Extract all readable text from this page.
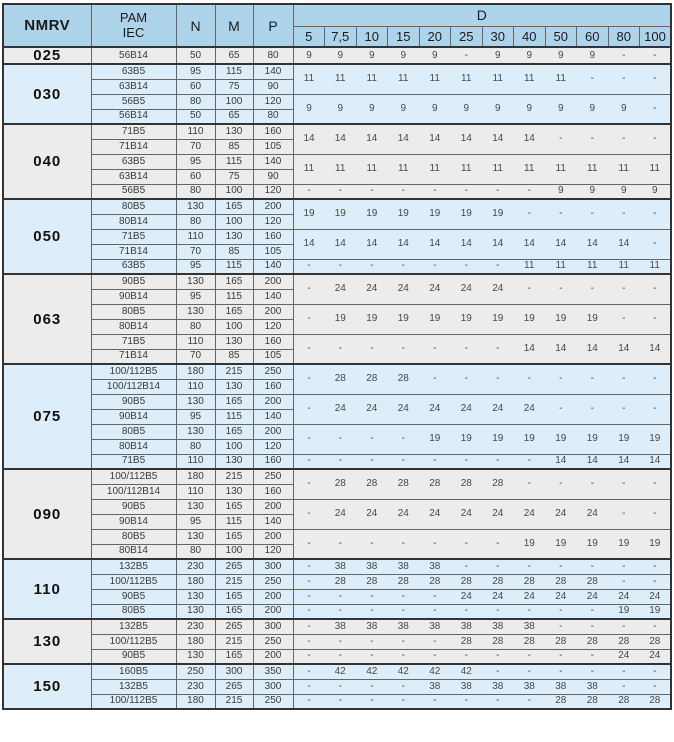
NMRV	PAM
IEC	N	M	P	D											
					5	7,5	10	15	20	25	30	40	50	60	80	100
025	56B14	50	65	80	9	9	9	9	9	-	9	9	9	9	-	-
030	63B5	95	115	140	11	11	11	11	11	11	11	11	11	-	-	-
	63B14	60	75	90												
	56B5	80	100	120	9	9	9	9	9	9	9	9	9	9	9	-
	56B14	50	65	80												
040	71B5	110	130	160	14	14	14	14	14	14	14	14	-	-	-	-
	71B14	70	85	105												
	63B5	95	115	140	11	11	11	11	11	11	11	11	11	11	11	11
	63B14	60	75	90												
	56B5	80	100	120	-	-	-	-	-	-	-	-	9	9	9	9
050	80B5	130	165	200	19	19	19	19	19	19	19	-	-	-	-	-
	80B14	80	100	120												
	71B5	110	130	160	14	14	14	14	14	14	14	14	14	14	14	-
	71B14	70	85	105												
	63B5	95	115	140	-	-	-	-	-	-	-	11	11	11	11	11
063	90B5	130	165	200	-	24	24	24	24	24	24	-	-	-	-	-
	90B14	95	115	140												
	80B5	130	165	200	-	19	19	19	19	19	19	19	19	19	-	-
	80B14	80	100	120												
	71B5	110	130	160	-	-	-	-	-	-	-	14	14	14	14	14
	71B14	70	85	105												
075	100/112B5	180	215	250	-	28	28	28	-	-	-	-	-	-	-	-
	100/112B14	110	130	160												
	90B5	130	165	200	-	24	24	24	24	24	24	24	-	-	-	-
	90B14	95	115	140												
	80B5	130	165	200	-	-	-	-	19	19	19	19	19	19	19	19
	80B14	80	100	120												
	71B5	110	130	160	-	-	-	-	-	-	-	-	14	14	14	14
090	100/112B5	180	215	250	-	28	28	28	28	28	28	-	-	-	-	-
	100/112B14	110	130	160												
	90B5	130	165	200	-	24	24	24	24	24	24	24	24	24	-	-
	90B14	95	115	140												
	80B5	130	165	200	-	-	-	-	-	-	-	19	19	19	19	19
	80B14	80	100	120												
110	132B5	230	265	300	-	38	38	38	38	-	-	-	-	-	-	-
	100/112B5	180	215	250	-	28	28	28	28	28	28	28	28	28	-	-
	90B5	130	165	200	-	-	-	-	-	24	24	24	24	24	24	24
	80B5	130	165	200	-	-	-	-	-	-	-	-	-	-	19	19
130	132B5	230	265	300	-	38	38	38	38	38	38	38	-	-	-	-
	100/112B5	180	215	250	-	-	-	-	-	28	28	28	28	28	28	28
	90B5	130	165	200	-	-	-	-	-	-	-	-	-	-	24	24
150	160B5	250	300	350	-	42	42	42	42	42	-	-	-	-	-	-
	132B5	230	265	300	-	-	-	-	38	38	38	38	38	38	-	-
	100/112B5	180	215	250	-	-	-	-	-	-	-	-	28	28	28	28
